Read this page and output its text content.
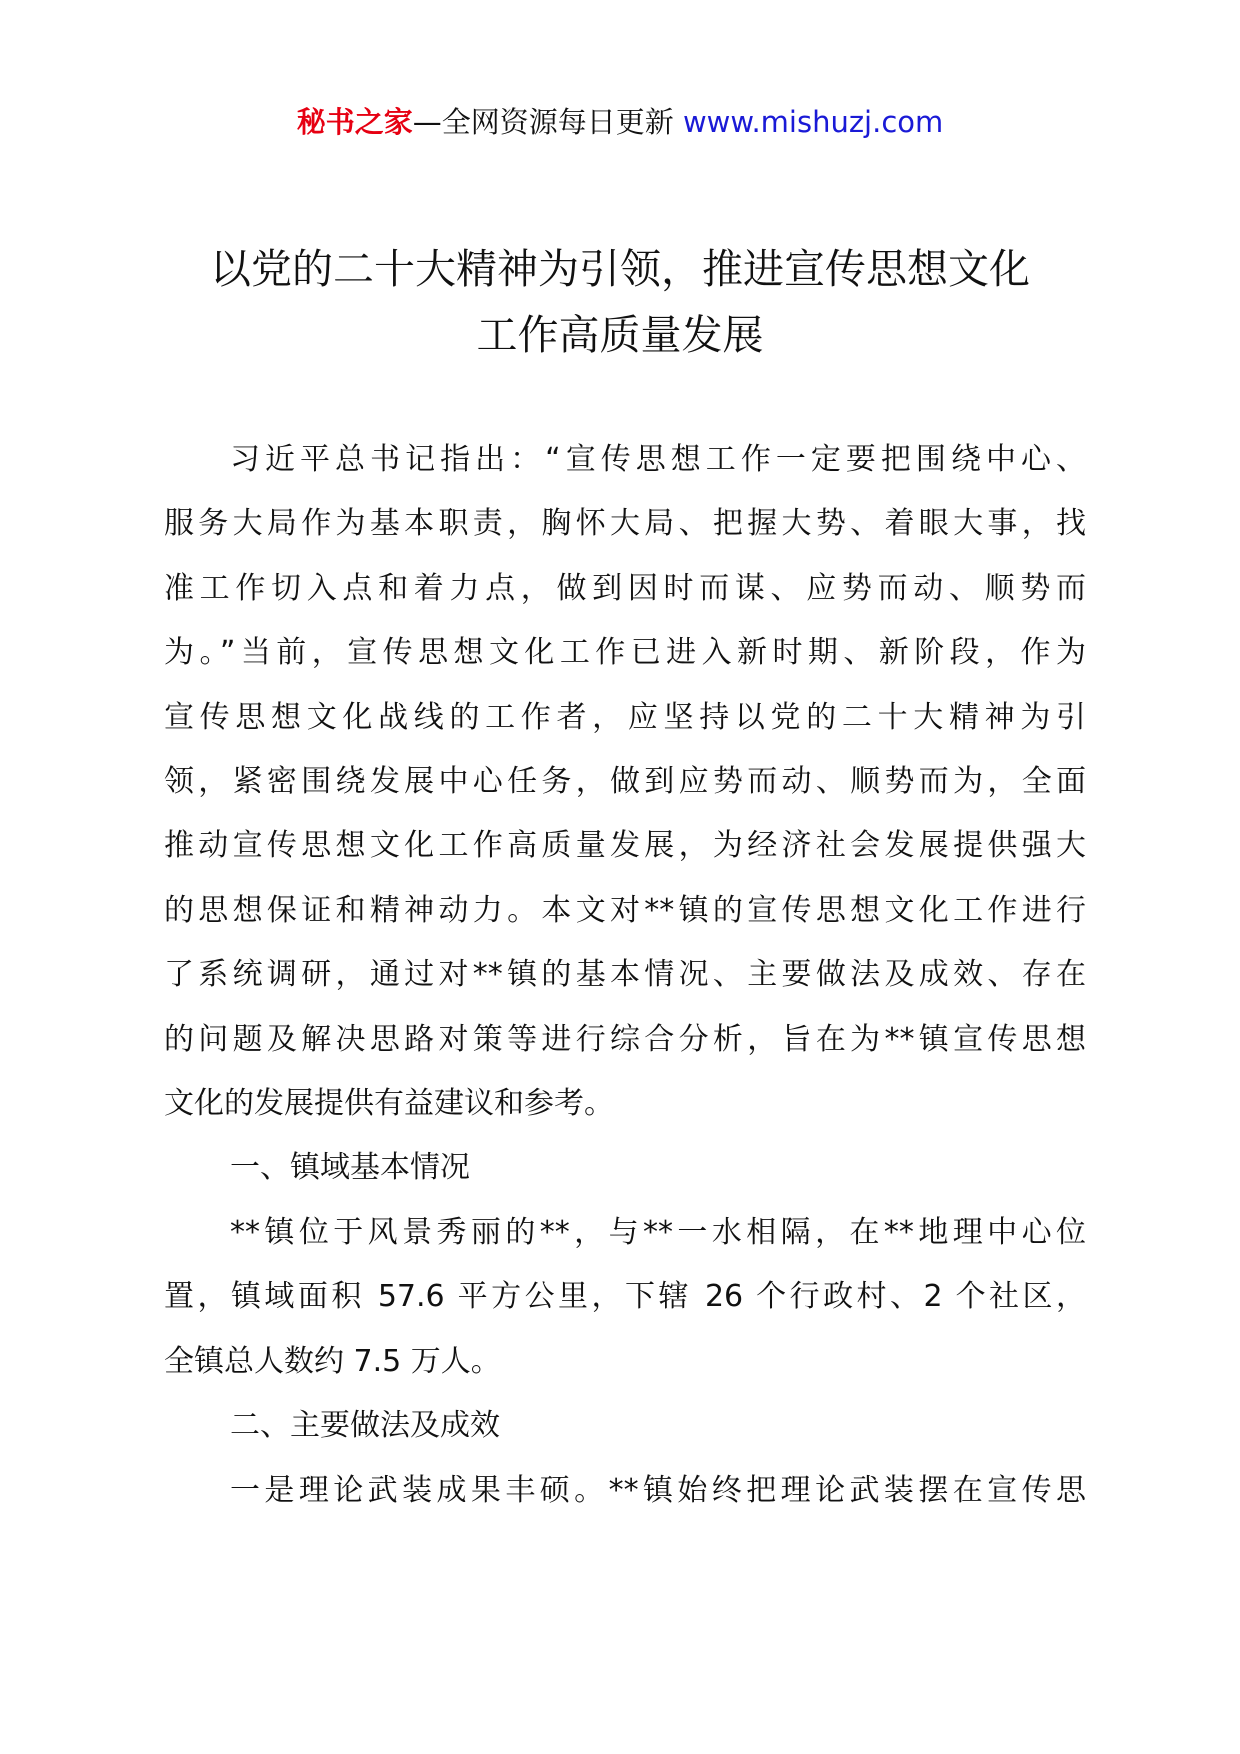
秘书之家—全网资源每日更新 www.mishuzj.com
以党的二十大精神为引领，推进宣传思想文化
工作高质量发展
习近平总书记指出：“宣传思想工作一定要把围绕中心、
服务大局作为基本职责，胸怀大局、把握大势、着眼大事，找
准工作切入点和着力点，做到因时而谋、应势而动、顺势而
为。”当前，宣传思想文化工作已进入新时期、新阶段，作为
宣传思想文化战线的工作者，应坚持以党的二十大精神为引
领，紧密围绕发展中心任务，做到应势而动、顺势而为，全面
推动宣传思想文化工作高质量发展，为经济社会发展提供强大
的思想保证和精神动力。本文对**镇的宣传思想文化工作进行
了系统调研，通过对**镇的基本情况、主要做法及成效、存在
的问题及解决思路对策等进行综合分析，旨在为**镇宣传思想
文化的发展提供有益建议和参考。
一、镇域基本情况
**镇位于风景秀丽的**，与**一水相隔，在**地理中心位
置，镇域面积 57.6 平方公里，下辖 26 个行政村、2 个社区，
全镇总人数约 7.5 万人。
二、主要做法及成效
一是理论武装成果丰硕。**镇始终把理论武装摆在宣传思
